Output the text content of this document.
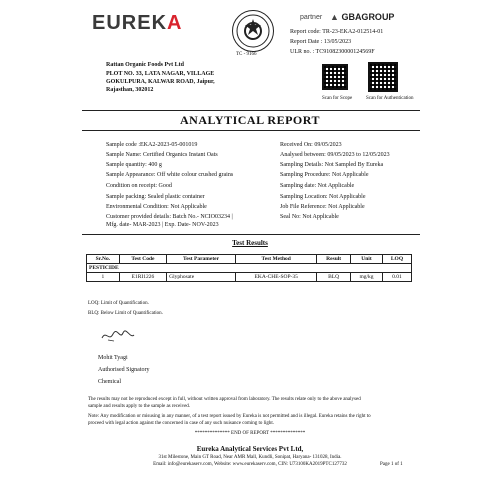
EUREKA
TC - 9166
partner ▲ GBAGROUP
Report code: TR-23-EKA2-012514-01
Report Date : 13/05/2023
ULR no. : TC9108230000124569F
Rattan Organic Foods Pvt Ltd
PLOT NO. 33, LATA NAGAR, VILLAGE
GOKULPURA, KALWAR ROAD, Jaipur,
Rajasthan, 302012
Scan for Scope	Scan for Authentication
ANALYTICAL REPORT
Sample code :EKA2-2023-05-001019
Sample Name: Certified Organics Instant Oats
Sample quantity: 400 g
Sample Appearance: Off white colour crushed grains
Condition on receipt: Good
Sample packing: Sealed plastic container
Environmental Condition: Not Applicable
Customer provided details: Batch No.- NCIO03234 |
Mfg. date- MAR-2023 | Exp. Date- NOV-2023
Received On: 09/05/2023
Analysed between: 09/05/2023 to 12/05/2023
Sampling Details: Not Sampled By Eureka
Sampling Procedure: Not Applicable
Sampling date: Not Applicable
Sampling Location: Not Applicable
Job File Reference: Not Applicable
Seal No: Not Applicable
Test Results
Sr.No.	Test Code	Test Parameter	Test Method	Result	Unit	LOQ
PESTICIDE						
1	E1RI1226	Glyphosate	EKA-CHE-SOP-35	BLQ	mg/kg	0.01
LOQ: Limit of Quantification.
BLQ: Below Limit of Quantification.
Mohit Tyagi
Authorised Signatory
Chemical
The results may not be reproduced except in full, without written approval from laboratory. The results relate only to the above analysed
sample and results apply to the sample as received.
Note: Any modification or misusing in any manner, of a test report issued by Eureka is not permitted and is illegal. Eureka retains the right to
proceed with legal action against the concerned in case of any such nuisance coming to light.
************** END OF REPORT **************
Eureka Analytical Services Pvt Ltd,
31st Milestone, Main GT Road, Near AMR Mall, Kundli, Sonipat, Haryana- 131028, India.
Email: info@eurekaserv.com, Website: www.eurekaserv.com, CIN: U73100KA2019PTC127732	Page 1 of 1
